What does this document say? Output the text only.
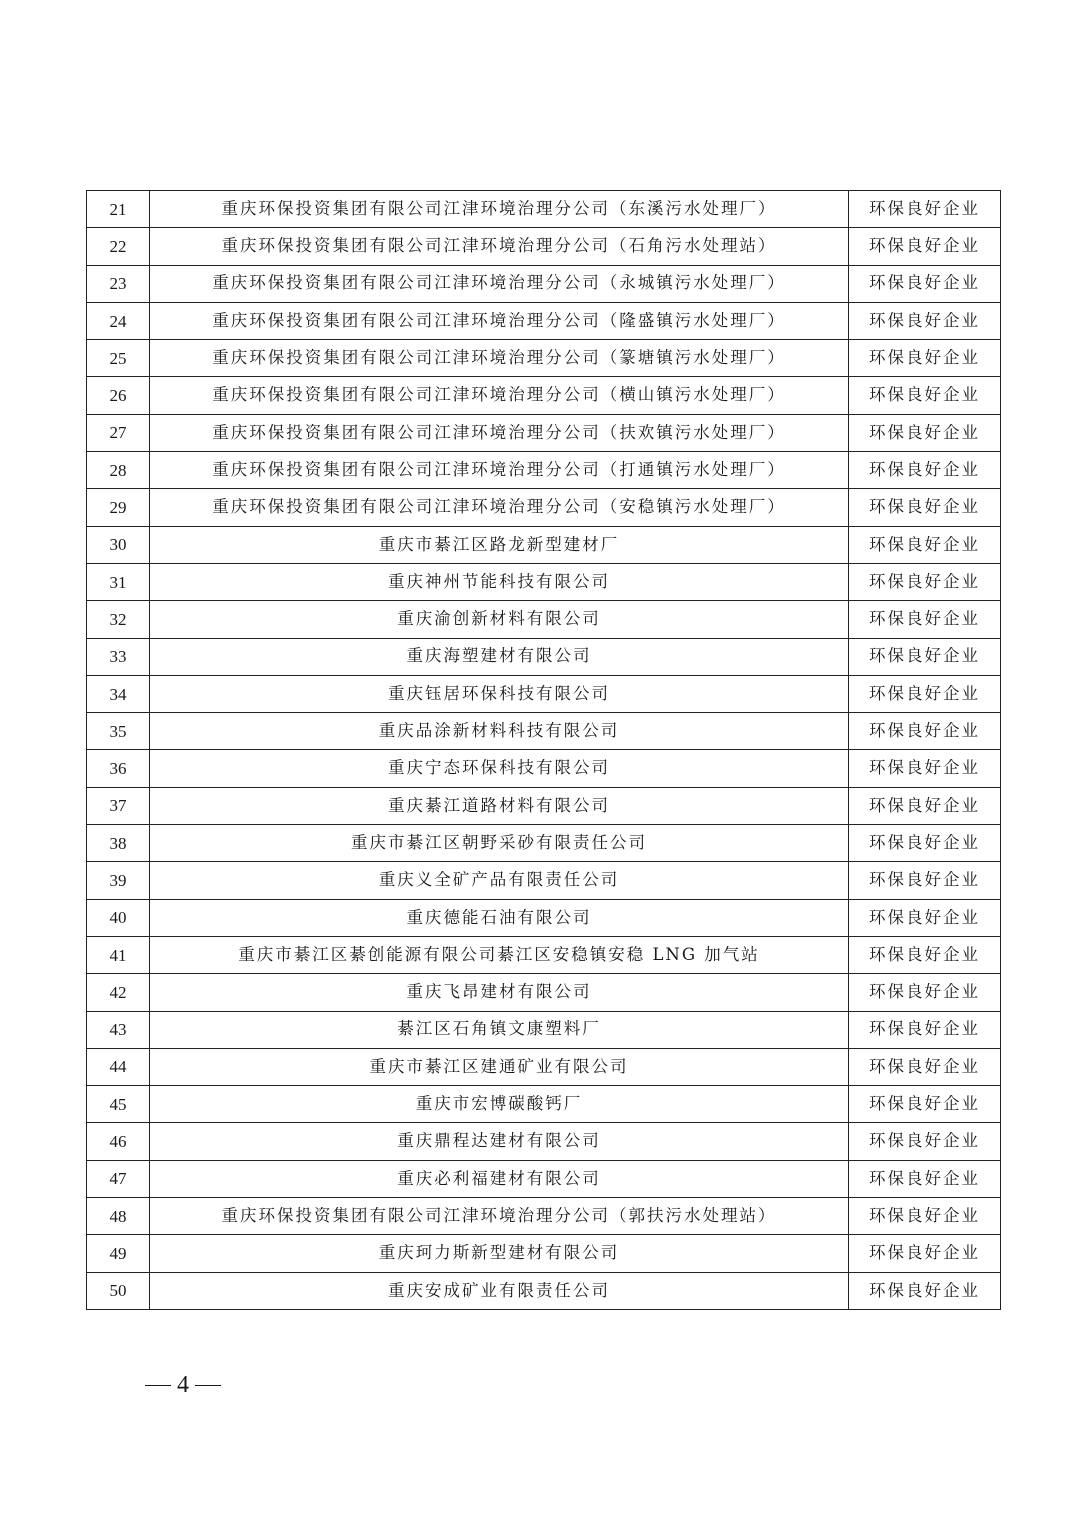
21	重庆环保投资集团有限公司江津环境治理分公司（东溪污水处理厂）	环保良好企业
22	重庆环保投资集团有限公司江津环境治理分公司（石角污水处理站）	环保良好企业
23	重庆环保投资集团有限公司江津环境治理分公司（永城镇污水处理厂）	环保良好企业
24	重庆环保投资集团有限公司江津环境治理分公司（隆盛镇污水处理厂）	环保良好企业
25	重庆环保投资集团有限公司江津环境治理分公司（篆塘镇污水处理厂）	环保良好企业
26	重庆环保投资集团有限公司江津环境治理分公司（横山镇污水处理厂）	环保良好企业
27	重庆环保投资集团有限公司江津环境治理分公司（扶欢镇污水处理厂）	环保良好企业
28	重庆环保投资集团有限公司江津环境治理分公司（打通镇污水处理厂）	环保良好企业
29	重庆环保投资集团有限公司江津环境治理分公司（安稳镇污水处理厂）	环保良好企业
30	重庆市綦江区路龙新型建材厂	环保良好企业
31	重庆神州节能科技有限公司	环保良好企业
32	重庆渝创新材料有限公司	环保良好企业
33	重庆海塑建材有限公司	环保良好企业
34	重庆钰居环保科技有限公司	环保良好企业
35	重庆品涂新材料科技有限公司	环保良好企业
36	重庆宁态环保科技有限公司	环保良好企业
37	重庆綦江道路材料有限公司	环保良好企业
38	重庆市綦江区朝野采砂有限责任公司	环保良好企业
39	重庆义全矿产品有限责任公司	环保良好企业
40	重庆德能石油有限公司	环保良好企业
41	重庆市綦江区綦创能源有限公司綦江区安稳镇安稳 LNG 加气站	环保良好企业
42	重庆飞昂建材有限公司	环保良好企业
43	綦江区石角镇文康塑料厂	环保良好企业
44	重庆市綦江区建通矿业有限公司	环保良好企业
45	重庆市宏博碳酸钙厂	环保良好企业
46	重庆鼎程达建材有限公司	环保良好企业
47	重庆必利福建材有限公司	环保良好企业
48	重庆环保投资集团有限公司江津环境治理分公司（郭扶污水处理站）	环保良好企业
49	重庆珂力斯新型建材有限公司	环保良好企业
50	重庆安成矿业有限责任公司	环保良好企业
4
